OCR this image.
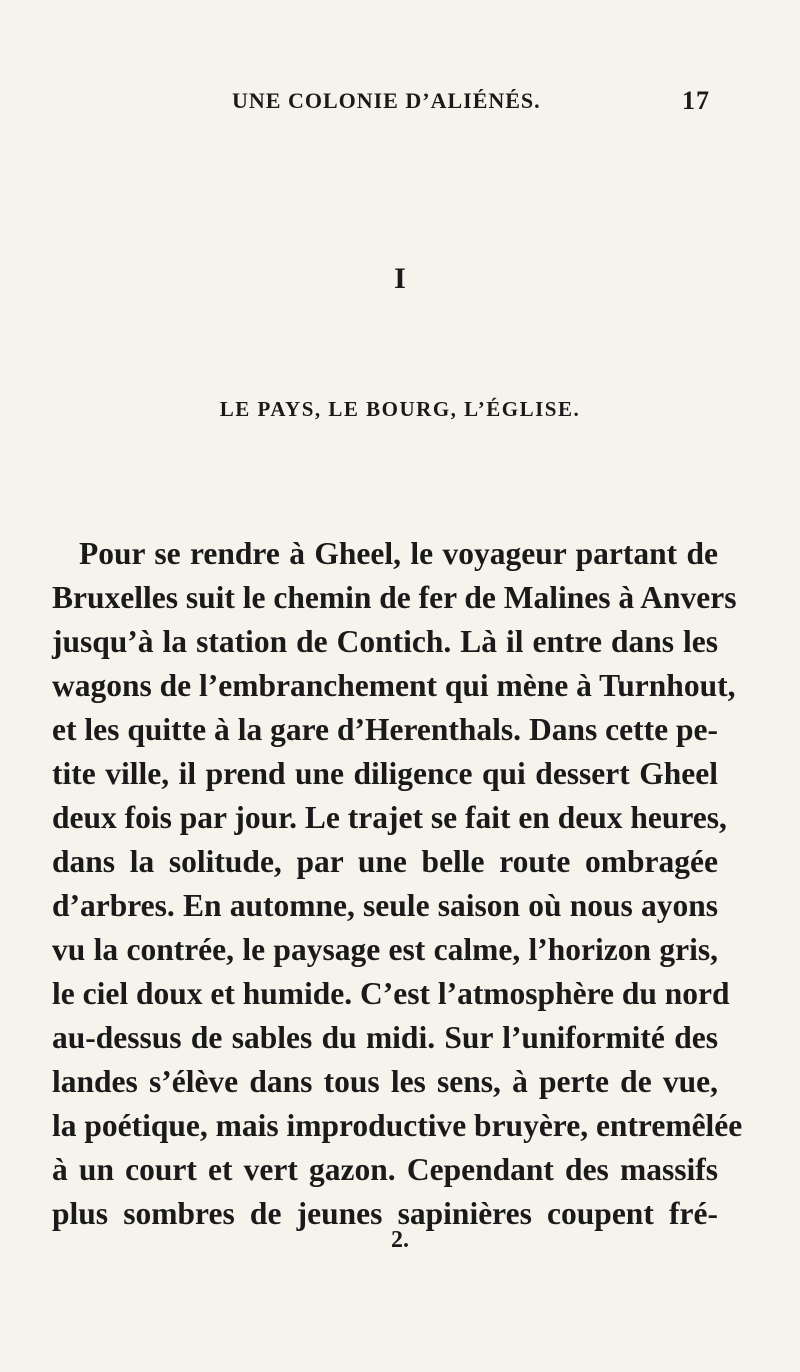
UNE COLONIE D’ALIÉNÉS.	17
I
LE PAYS, LE BOURG, L’ÉGLISE.
Pour se rendre à Gheel, le voyageur partant de
Bruxelles suit le chemin de fer de Malines à Anvers
jusqu’à la station de Contich. Là il entre dans les
wagons de l’embranchement qui mène à Turnhout,
et les quitte à la gare d’Herenthals. Dans cette pe-
tite ville, il prend une diligence qui dessert Gheel
deux fois par jour. Le trajet se fait en deux heures,
dans la solitude, par une belle route ombragée
d’arbres. En automne, seule saison où nous ayons
vu la contrée, le paysage est calme, l’horizon gris,
le ciel doux et humide. C’est l’atmosphère du nord
au-dessus de sables du midi. Sur l’uniformité des
landes s’élève dans tous les sens, à perte de vue,
la poétique, mais improductive bruyère, entremêlée
à un court et vert gazon. Cependant des massifs
plus sombres de jeunes sapinières coupent fré-
2.
